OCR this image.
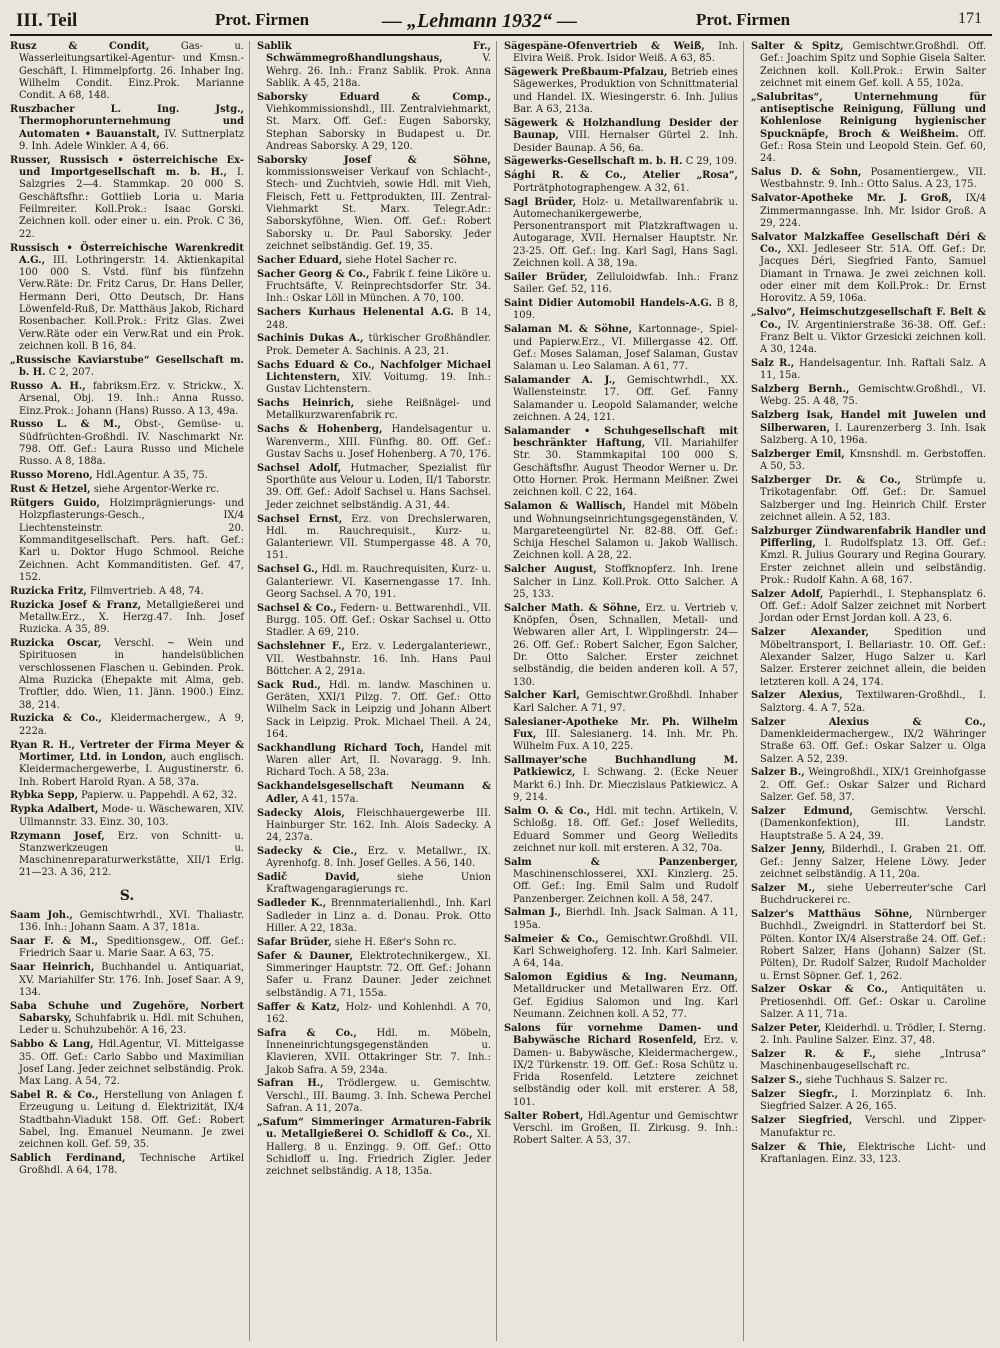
III. Teil	Prot. Firmen	— „Lehmann 1932“ —	Prot. Firmen	171
Rusz & Condit,	Gas- u. Wasserleitungsartikel-Agentur- und Kmsn.-Geschäft, I. Himmelpfortg. 26. Inhaber Ing. Wilhelm Condit. Einz.Prok. Marianne Condit. A 68, 148.
Ruszbacher L. Ing. Jstg., Thermophorunternehmung und Automaten • Bauanstalt, IV. Suttnerplatz 9. Inh. Adele Winkler. A 4, 66.
Russer, Russisch • österreichische Ex- und Importgesellschaft m. b. H., I. Salzgries 2—4. Stammkap. 20 000 S. Geschäftsfhr.: Gottlieb Loria u. Maria Feilmreiter. Koll.Prok.: Isaac Gorski. Zeichnen koll. oder einer u. ein. Prok. C 36, 22.
Russisch • Österreichische Warenkredit A.G., III. Lothringerstr. 14. Aktienkapital 100 000 S. Vstd. fünf bis fünfzehn Verw.Räte: Dr. Fritz Carus, Dr. Hans Deller, Hermann Deri, Otto Deutsch, Dr. Hans Löwenfeld-Ruß, Dr. Matthäus Jakob, Richard Rosenbacher. Koll.Prok.: Fritz Glas. Zwei Verw.Räte oder ein Verw.Rat und ein Prok. zeichnen koll. B 16, 84.
„Russische Kaviarstube“ Gesellschaft m. b. H. C 2, 207.
Russo A. H., fabriksm.Erz. v. Strickw., X. Arsenal, Obj. 19. Inh.: Anna Russo. Einz.Prok.: Johann (Hans) Russo. A 13, 49a.
Russo L. & M., Obst-, Gemüse- u. Südfrüchten-Großhdl. IV. Naschmarkt Nr. 798. Off. Gef.: Laura Russo und Michele Russo. A 8, 188a.
Russo Moreno, Hdl.Agentur. A 35, 75.
Rust & Hetzel, siehe Argentor-Werke rc.
Rütgers Guido, Holzimprägnierungs- und Holzpflasterungs-Gesch., IX/4 Liechtensteinstr. 20. Kommanditgesellschaft. Pers. haft. Gef.: Karl u. Doktor Hugo Schmool. Reiche Zeichnen. Acht Kommanditisten. Gef. 47, 152.
Ruzicka Fritz, Filmvertrieb. A 48, 74.
Ruzicka Josef & Franz, Metallgießerei und Metallw.Erz., X. Herzg.47. Inh. Josef Ruzicka. A 35, 89.
Ruzicka Oscar, Verschl. ~ Wein und Spirituosen in handelsüblichen verschlossenen Flaschen u. Gebinden. Prok. Alma Ruzicka (Ehepakte mit Alma, geb. Troftler, ddo. Wien, 11. Jänn. 1900.) Einz. 38, 214.
Ruzicka & Co., Kleidermachergew., A 9, 222a.
Ryan R. H., Vertreter der Firma Meyer & Mortimer, Ltd. in London, auch englisch. Kleidermachergewerbe, I. Augustinerstr. 6. Inh. Robert Harold Ryan. A 58, 37a.
Rybka Sepp, Papierw. u. Pappehdl. A 62, 32.
Rypka Adalbert, Mode- u. Wäschewaren, XIV. Ullmannstr. 33. Einz. 30, 103.
Rzymann Josef, Erz. von Schnitt- u. Stanzwerkzeugen u. Maschinenreparaturwerkstätte, XII/1 Erlg. 21—23. A 36, 212.
S.
Saam Joh., Gemischtwrhdl., XVI. Thaliastr. 136. Inh.: Johann Saam. A 37, 181a.
Saar F. & M., Speditionsgew., Off. Gef.: Friedrich Saar u. Marie Saar. A 63, 75.
Saar Heinrich, Buchhandel u. Antiquariat, XV. Mariahilfer Str. 176. Inh. Josef Saar. A 9, 134.
Saba Schuhe und Zugehöre, Norbert Sabarsky, Schuhfabrik u. Hdl. mit Schuhen, Leder u. Schuhzubehör. A 16, 23.
Sabbo & Lang, Hdl.Agentur, VI. Mittelgasse 35. Off. Gef.: Carlo Sabbo und Maximilian Josef Lang. Jeder zeichnet selbständig. Prok. Max Lang. A 54, 72.
Sabel R. & Co., Herstellung von Anlagen f. Erzeugung u. Leitung d. Elektrizität, IX/4 Stadtbahn-Viadukt 158. Off. Gef.: Robert Sabel, Ing. Emanuel Neumann. Je zwei zeichnen koll. Gef. 59, 35.
Sablich Ferdinand, Technische Artikel Großhdl. A 64, 178.
Sablik Fr., Schwämmegroßhandlungshaus,	V. Wehrg. 26. Inh.: Franz Sablik. Prok. Anna Sablik. A 45, 218a.
Saborsky Eduard & Comp., Viehkommissionshdl., III. Zentralviehmarkt, St. Marx. Off. Gef.: Eugen Saborsky, Stephan Saborsky in Budapest u. Dr. Andreas Saborsky. A 29, 120.
Saborsky Josef & Söhne, kommissionsweiser Verkauf von Schlacht-, Stech- und Zuchtvieh, sowie Hdl. mit Vieh, Fleisch, Fett u. Fettprodukten, III. Zentral-Viehmarkt St. Marx. Telegr.Adr.: Saborskyföhne, Wien. Off. Gef.: Robert Saborsky u. Dr. Paul Saborsky. Jeder zeichnet selbständig. Gef. 19, 35.
Sacher Eduard, siehe Hotel Sacher rc.
Sacher Georg & Co., Fabrik f. feine Liköre u. Fruchtsäfte, V. Reinprechtsdorfer Str. 34. Inh.: Oskar Löll in München. A 70, 100.
Sachers Kurhaus Helenental A.G. B 14, 248.
Sachinis Dukas A., türkischer Großhändler. Prok. Demeter A. Sachinis. A 23, 21.
Sachs Eduard & Co., Nachfolger Michael Lichtenstern, XIV. Voitumg. 19. Inh.: Gustav Lichtenstern.
Sachs Heinrich, siehe Reißnägel- und Metallkurzwarenfabrik rc.
Sachs & Hohenberg, Handelsagentur u. Warenverm., XIII. Fünfhg. 80. Off. Gef.: Gustav Sachs u. Josef Hohenberg. A 70, 176.
Sachsel Adolf, Hutmacher, Spezialist für Sporthüte aus Velour u. Loden, II/1 Taborstr. 39. Off. Gef.: Adolf Sachsel u. Hans Sachsel. Jeder zeichnet selbständig. A 31, 44.
Sachsel Ernst, Erz. von Drechslerwaren, Hdl. m. Rauchrequisit., Kurz- u. Galanteriewr. VII. Stumpergasse 48. A 70, 151.
Sachsel G., Hdl. m. Rauchrequisiten, Kurz- u. Galanteriewr. VI. Kasernengasse 17. Inh. Georg Sachsel. A 70, 191.
Sachsel & Co., Federn- u. Bettwarenhdl., VII. Burgg. 105. Off. Gef.: Oskar Sachsel u. Otto Stadler. A 69, 210.
Sachslehner F., Erz. v. Ledergalanteriewr., VII. Westbahnstr. 16. Inh. Hans Paul Böttcher. A 2, 291a.
Sack Rud., Hdl. m. landw. Maschinen u. Geräten, XXI/1 Pilzg. 7. Off. Gef.: Otto Wilhelm Sack in Leipzig und Johann Albert Sack in Leipzig. Prok. Michael Theil. A 24, 164.
Sackhandlung Richard Toch, Handel mit Waren aller Art, II. Novaragg. 9. Inh. Richard Toch. A 58, 23a.
Sackhandelsgesellschaft Neumann & Adler, A 41, 157a.
Sadecky Alois, Fleischhauergewerbe III. Hainburger Str. 162. Inh. Alois Sadecky. A 24, 237a.
Sadecky & Cie., Erz. v. Metallwr., IX. Ayrenhofg. 8. Inh. Josef Gelles. A 56, 140.
Sadič David,	siehe Union Kraftwagengaragierungs rc.
Sadleder K., Brennmaterialienhdl., Inh. Karl Sadleder in Linz a. d. Donau. Prok. Otto Hiller. A 22, 183a.
Safar Brüder, siehe H. Eßer's Sohn rc.
Safer & Dauner, Elektrotechnikergew., XI. Simmeringer Hauptstr. 72. Off. Gef.: Johann Safer u. Franz Dauner. Jeder zeichnet selbständig. A 71, 155a.
Saffer & Katz, Holz- und Kohlenhdl. A 70, 162.
Safra & Co., Hdl. m. Möbeln, Inneneinrichtungsgegenständen u. Klavieren, XVII. Ottakringer Str. 7. Inh.: Jakob Safra. A 59, 234a.
Safran H., Trödlergew. u. Gemischtw. Verschl., III. Baumg. 3. Inh. Schewa Perchel Safran. A 11, 207a.
„Safum“ Simmeringer Armaturen-Fabrik u. Metallgießerei O. Schidloff & Co., XI. Hallerg. 8 u. Enzingg. 9. Off. Gef.: Otto Schidloff u. Ing. Friedrich Zigler. Jeder zeichnet selbständig. A 18, 135a.
Sägespäne-Ofenvertrieb & Weiß, Inh. Elvira Weiß. Prok. Isidor Weiß. A 63, 85.
Sägewerk Preßbaum-Pfalzau, Betrieb eines Sägewerkes, Produktion von Schnittmaterial und Handel. IX. Wiesingerstr. 6. Inh. Julius Bar. A 63, 213a.
Sägewerk & Holzhandlung Desider der Baunap, VIII. Hernalser Gürtel 2. Inh. Desider Baunap. A 56, 6a.
Sägewerks-Gesellschaft m. b. H. C 29, 109.
Sághi R. & Co., Atelier „Rosa“, Porträtphotographengew. A 32, 61.
Sagl Brüder, Holz- u. Metallwarenfabrik u. Automechanikergewerbe, Personentransport mit Platzkraftwagen u. Autogarage, XVII. Hernalser Hauptstr. Nr. 23-25. Off. Gef.: Ing. Karl Sagl, Hans Sagl. Zeichnen koll. A 38, 19a.
Sailer Brüder, Zelluloidwfab. Inh.: Franz Sailer. Gef. 52, 116.
Saint Didier Automobil Handels-A.G. B 8, 109.
Salaman M. & Söhne, Kartonnage-, Spiel- und Papierw.Erz., VI. Millergasse 42. Off. Gef.: Moses Salaman, Josef Salaman, Gustav Salaman u. Leo Salaman. A 61, 77.
Salamander A. J., Gemischtwrhdl., XX. Wallensteinstr. 17. Off. Gef. Fanny Salamander u. Leopold Salamander, welche zeichnen. A 24, 121.
Salamander • Schuhgesellschaft mit beschränkter Haftung, VII. Mariahilfer Str. 30. Stammkapital 100 000 S. Geschäftsfhr. August Theodor Werner u. Dr. Otto Horner. Prok. Hermann Meißner. Zwei zeichnen koll. C 22, 164.
Salamon & Wallisch, Handel mit Möbeln und Wohnungseinrichtungsgegenständen, V. Margareteengürtel Nr. 82-88. Off. Gef.: Schija Heschel Salamon u. Jakob Wallisch. Zeichnen koll. A 28, 22.
Salcher August, Stoffknopferz. Inh. Irene Salcher in Linz. Koll.Prok. Otto Salcher. A 25, 133.
Salcher Math. & Söhne, Erz. u. Vertrieb v. Knöpfen, Ösen, Schnallen, Metall- und Webwaren aller Art, I. Wipplingerstr. 24—26. Off. Gef.: Robert Salcher, Egon Salcher, Dr. Otto Salcher. Erster zeichnet selbständig, die beiden anderen koll. A 57, 130.
Salcher Karl, Gemischtwr.Großhdl. Inhaber Karl Salcher. A 71, 97.
Salesianer-Apotheke Mr. Ph. Wilhelm Fux, III. Salesianerg. 14. Inh. Mr. Ph. Wilhelm Fux. A 10, 225.
Sallmayer'sche Buchhandlung M. Patkiewicz, I. Schwang. 2. (Ecke Neuer Markt 6.) Inh. Dr. Mieczislaus Patkiewicz. A 9, 214.
Salm O. & Co., Hdl. mit techn. Artikeln, V. Schloßg. 18. Off. Gef.: Josef Welledits, Eduard Sommer und Georg Welledits zeichnet nur koll. mit ersteren. A 32, 70a.
Salm & Panzenberger, Maschinenschlosserei, XXI. Kinzlerg. 25. Off. Gef.: Ing. Emil Salm und Rudolf Panzenberger. Zeichnen koll. A 58, 247.
Salman J., Bierhdl. Inh. Jsack Salman. A 11, 195a.
Salmeier & Co., Gemischtwr.Großhdl. VII. Karl Schweighoferg. 12. Inh. Karl Salmeier. A 64, 14a.
Salomon Egidius & Ing. Neumann, Metalldrucker und Metallwaren Erz. Off. Gef. Egidius Salomon und Ing. Karl Neumann. Zeichnen koll. A 52, 77.
Salons für vornehme Damen- und Babywäsche Richard Rosenfeld, Erz. v. Damen- u. Babywäsche, Kleidermachergew., IX/2 Türkenstr. 19. Off. Gef.: Rosa Schütz u. Frida Rosenfeld. Letztere zeichnet selbständig oder koll. mit ersterer. A 58, 101.
Salter Robert, Hdl.Agentur und Gemischtwr Verschl. im Großen, II. Zirkusg. 9. Inh.: Robert Salter. A 53, 37.
Salter & Spitz, Gemischtwr.Großhdl. Off. Gef.: Joachim Spitz und Sophie Gisela Salter. Zeichnen koll. Koll.Prok.: Erwin Salter zeichnet mit einem Gef. koll. A 55, 102a.
„Salubritas“, Unternehmung für antiseptische Reinigung, Füllung und Kohlenlose Reinigung hygienischer Spucknäpfe, Broch & Weißheim. Off. Gef.: Rosa Stein und Leopold Stein. Gef. 60, 24.
Salus D. & Sohn, Posamentiergew., VII. Westbahnstr. 9. Inh.: Otto Salus. A 23, 175.
Salvator-Apotheke Mr. J. Groß, IX/4 Zimmermanngasse. Inh. Mr. Isidor Groß. A 29, 224.
Salvator Malzkaffee Gesellschaft Déri & Co., XXI. Jedleseer Str. 51A. Off. Gef.: Dr. Jacques Déri, Siegfried Fanto, Samuel Diamant in Trnawa. Je zwei zeichnen koll. oder einer mit dem Koll.Prok.: Dr. Ernst Horovitz. A 59, 106a.
„Salvo“, Heimschutzgesellschaft F. Belt & Co., IV. Argentinierstraße 36-38. Off. Gef.: Franz Belt u. Viktor Grzesicki zeichnen koll. A 30, 124a.
Salz R., Handelsagentur. Inh. Raftali Salz. A 11, 15a.
Salzberg Bernh., Gemischtw.Großhdl., VI. Webg. 25. A 48, 75.
Salzberg Isak, Handel mit Juwelen und Silberwaren, I. Laurenzerberg 3. Inh. Isak Salzberg. A 10, 196a.
Salzberger Emil, Kmsnshdl. m. Gerbstoffen. A 50, 53.
Salzberger Dr. & Co., Strümpfe u. Trikotagenfabr. Off. Gef.: Dr. Samuel Salzberger und Ing. Heinrich Chilf. Erster zeichnet allein. A 52, 183.
Salzburger Zündwarenfabrik Handler und Pifferling, I. Rudolfsplatz 13. Off. Gef.: Kmzl. R. Julius Gourary und Regina Gourary. Erster zeichnet allein und selbständig. Prok.: Rudolf Kahn. A 68, 167.
Salzer Adolf, Papierhdl., I. Stephansplatz 6. Off. Gef.: Adolf Salzer zeichnet mit Norbert Jordan oder Ernst Jordan koll. A 23, 6.
Salzer Alexander,	Spedition und Möbeltransport, I. Bellariastr. 10. Off. Gef.: Alexander Salzer, Hugo Salzer u. Karl Salzer. Ersterer zeichnet allein, die beiden letzteren koll. A 24, 174.
Salzer Alexius, Textilwaren-Großhdl., I. Salztorg. 4. A 7, 52a.
Salzer Alexius & Co., Damenkleidermachergew., IX/2 Währinger Straße 63. Off. Gef.: Oskar Salzer u. Olga Salzer. A 52, 239.
Salzer B., Weingroßhdl., XIX/1 Greinhofgasse 2. Off. Gef.: Oskar Salzer und Richard Salzer. Gef. 58, 37.
Salzer Edmund, Gemischtw. Verschl. (Damenkonfektion), III. Landstr. Hauptstraße 5. A 24, 39.
Salzer Jenny, Bilderhdl., I. Graben 21. Off. Gef.: Jenny Salzer, Helene Löwy. Jeder zeichnet selbständig. A 11, 20a.
Salzer M., siehe Ueberreuter'sche Carl Buchdruckerei rc.
Salzer's Matthäus Söhne, Nürnberger Buchhdl., Zweigndrl. in Statterdorf bei St. Pölten. Kontor IX/4 Alserstraße 24. Off. Gef.: Robert Salzer, Hans (Johann) Salzer (St. Pölten), Dr. Rudolf Salzer, Rudolf Macholder u. Ernst Söpner. Gef. 1, 262.
Salzer Oskar & Co., Antiquitäten u. Pretiosenhdl. Off. Gef.: Oskar u. Caroline Salzer. A 11, 71a.
Salzer Peter, Kleiderhdl. u. Trödler, I. Sterng. 2. Inh. Pauline Salzer. Einz. 37, 48.
Salzer R. & F., siehe „Intrusa“ Maschinenbaugesellschaft rc.
Salzer S., siehe Tuchhaus S. Salzer rc.
Salzer Siegfr., I. Morzinplatz 6. Inh. Siegfried Salzer. A 26, 165.
Salzer Siegfried, Verschl. und Zipper-Manufaktur rc.
Salzer & Thie, Elektrische Licht- und Kraftanlagen. Einz. 33, 123.
